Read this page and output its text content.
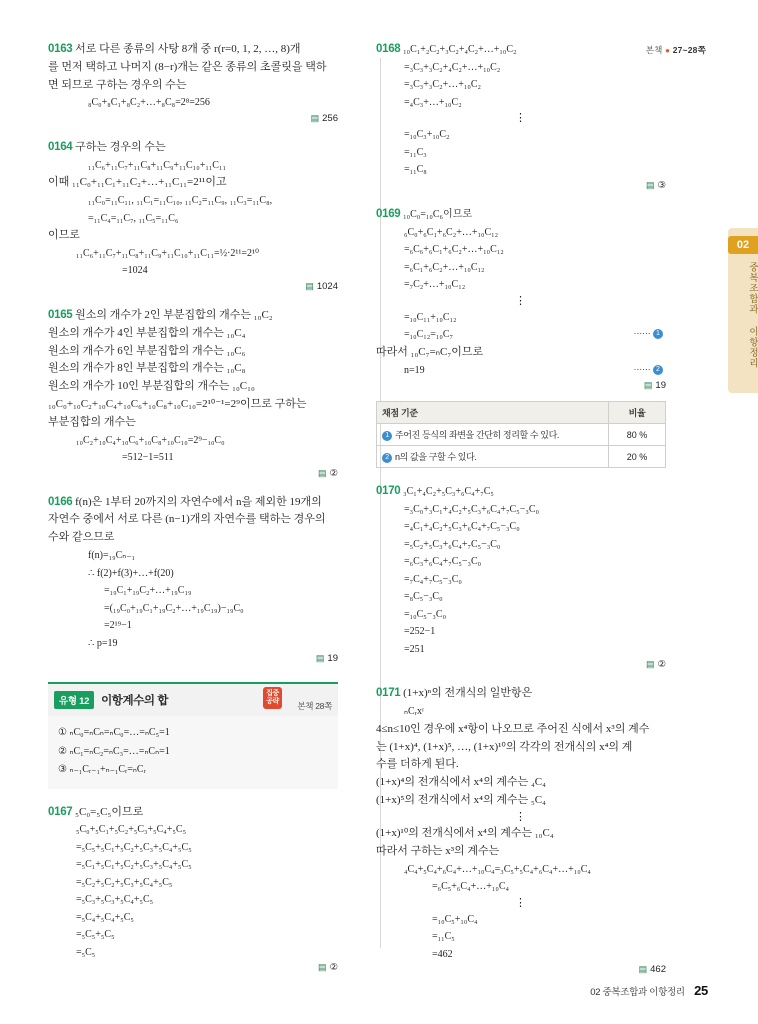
본책 ● 27~28쪽
02
중복조합과 이항정리
0163 서로 다른 종류의 사탕 8개 중 r(r=0, 1, 2, …, 8)개
를 먼저 택하고 나머지 (8−r)개는 같은 종류의 초콜릿을 택하
면 되므로 구하는 경우의 수는
₈C₀+₈C₁+₈C₂+…+₈C₈=2⁸=256
▤ 256
0164 구하는 경우의 수는
₁₁C₆+₁₁C₇+₁₁C₈+₁₁C₉+₁₁C₁₀+₁₁C₁₁
이때 ₁₁C₀+₁₁C₁+₁₁C₂+…+₁₁C₁₁=2¹¹이고
₁₁C₀=₁₁C₁₁, ₁₁C₁=₁₁C₁₀, ₁₁C₂=₁₁C₉, ₁₁C₃=₁₁C₈,
=₁₁C₄=₁₁C₇, ₁₁C₅=₁₁C₆
이므로
₁₁C₆+₁₁C₇+₁₁C₈+₁₁C₉+₁₁C₁₀+₁₁C₁₁=½·2¹¹=2¹⁰
=1024
▤ 1024
0165 원소의 개수가 2인 부분집합의 개수는 ₁₀C₂
원소의 개수가 4인 부분집합의 개수는 ₁₀C₄
원소의 개수가 6인 부분집합의 개수는 ₁₀C₆
원소의 개수가 8인 부분집합의 개수는 ₁₀C₈
원소의 개수가 10인 부분집합의 개수는 ₁₀C₁₀
₁₀C₀+₁₀C₂+₁₀C₄+₁₀C₆+₁₀C₈+₁₀C₁₀=2¹⁰⁻¹=2⁹이므로 구하는
부분집합의 개수는
₁₀C₂+₁₀C₄+₁₀C₆+₁₀C₈+₁₀C₁₀=2⁹−₁₀C₀
=512−1=511
▤ ②
0166 f(n)은 1부터 20까지의 자연수에서 n을 제외한 19개의
자연수 중에서 서로 다른 (n−1)개의 자연수를 택하는 경우의
수와 같으므로
f(n)=₁₉Cₙ₋₁
∴ f(2)+f(3)+…+f(20)
=₁₉C₁+₁₉C₂+…+₁₉C₁₉
=(₁₉C₀+₁₉C₁+₁₉C₂+…+₁₉C₁₉)−₁₉C₀
=2¹⁹−1
∴ p=19
▤ 19
유형 12	이항계수의 합
집중
공략	본책 28쪽
① ₙC₀=ₙCₙ=ₙC₀=…=ₙC₅=1
② ₙC₁=ₙC₂=ₙC₃=…=ₙCₙ=1
③ ₙ₋₁Cᵣ₋₁+ₙ₋₁Cᵣ=ₙCᵣ
0167 ₅C₀=₅C₅이므로
₅C₀+₅C₁+₅C₂+₅C₃+₅C₄+₅C₅
=₅C₅+₅C₁+₅C₂+₅C₃+₅C₄+₅C₅
=₅C₁+₅C₁+₅C₂+₅C₃+₅C₄+₅C₅
=₅C₂+₅C₂+₅C₃+₅C₄+₅C₅
=₅C₃+₅C₃+₅C₄+₅C₅
=₅C₄+₅C₄+₅C₅
=₅C₅+₅C₅
=₅C₅
▤ ②
0168 ₁₀C₁+₂C₂+₃C₂+₄C₂+…+₁₀C₂
=₃C₃+₃C₂+₄C₂+…+₁₀C₂
=₃C₃+₃C₂+…+₁₀C₂
=₄C₃+…+₁₀C₂
⋮
=₁₀C₃+₁₀C₂
=₁₁C₃
=₁₁C₈
▤ ③
0169 ₁₀C₀=₁₀C₆이므로
₆C₀+₆C₁+₆C₂+…+₁₀C₁₂
=₆C₆+₆C₁+₆C₂+…+₁₀C₁₂
=₆C₁+₆C₂+…+₁₀C₁₂
=₇C₂+…+₁₀C₁₂
⋮
=₁₀C₁₁+₁₀C₁₂
=₁₀C₁₂=₁₀C₇	⋯⋯ 1
따라서 ₁₀C₇=ₙC₇이므로
n=19	⋯⋯ 2
▤ 19
채점 기준	비율
1 주어진 등식의 좌변을 간단히 정리할 수 있다.	80 %
2 n의 값을 구할 수 있다.	20 %
0170 ₃C₁+₄C₂+₅C₃+₆C₄+₇C₅
=₃C₀+₃C₁+₄C₂+₅C₃+₆C₄+₇C₅−₃C₀
=₄C₁+₄C₂+₅C₃+₆C₄+₇C₅−₃C₀
=₅C₂+₅C₃+₆C₄+₇C₅−₃C₀
=₆C₃+₆C₄+₇C₅−₃C₀
=₇C₄+₇C₅−₃C₀
=₈C₅−₃C₀
=₁₀C₅−₃C₀
=252−1
=251
▤ ②
0171 (1+x)ⁿ의 전개식의 일반항은
ₙCᵣxʳ
4≤n≤10인 경우에 x⁴항이 나오므로 주어진 식에서 x³의 계수
는 (1+x)⁴, (1+x)⁵, …, (1+x)¹⁰의 각각의 전개식의 x⁴의 계
수를 더하게 된다.
(1+x)⁴의 전개식에서 x⁴의 계수는 ₄C₄
(1+x)⁵의 전개식에서 x⁴의 계수는 ₅C₄
⋮
(1+x)¹⁰의 전개식에서 x⁴의 계수는 ₁₀C₄
따라서 구하는 x³의 계수는
₄C₄+₅C₄+₆C₄+…+₁₀C₄=₃C₅+₅C₄+₆C₄+…+₁₀C₄
=₆C₅+₆C₄+…+₁₀C₄
⋮
=₁₀C₅+₁₀C₄
=₁₁C₅
=462
▤ 462
02 중복조합과 이항정리 25
